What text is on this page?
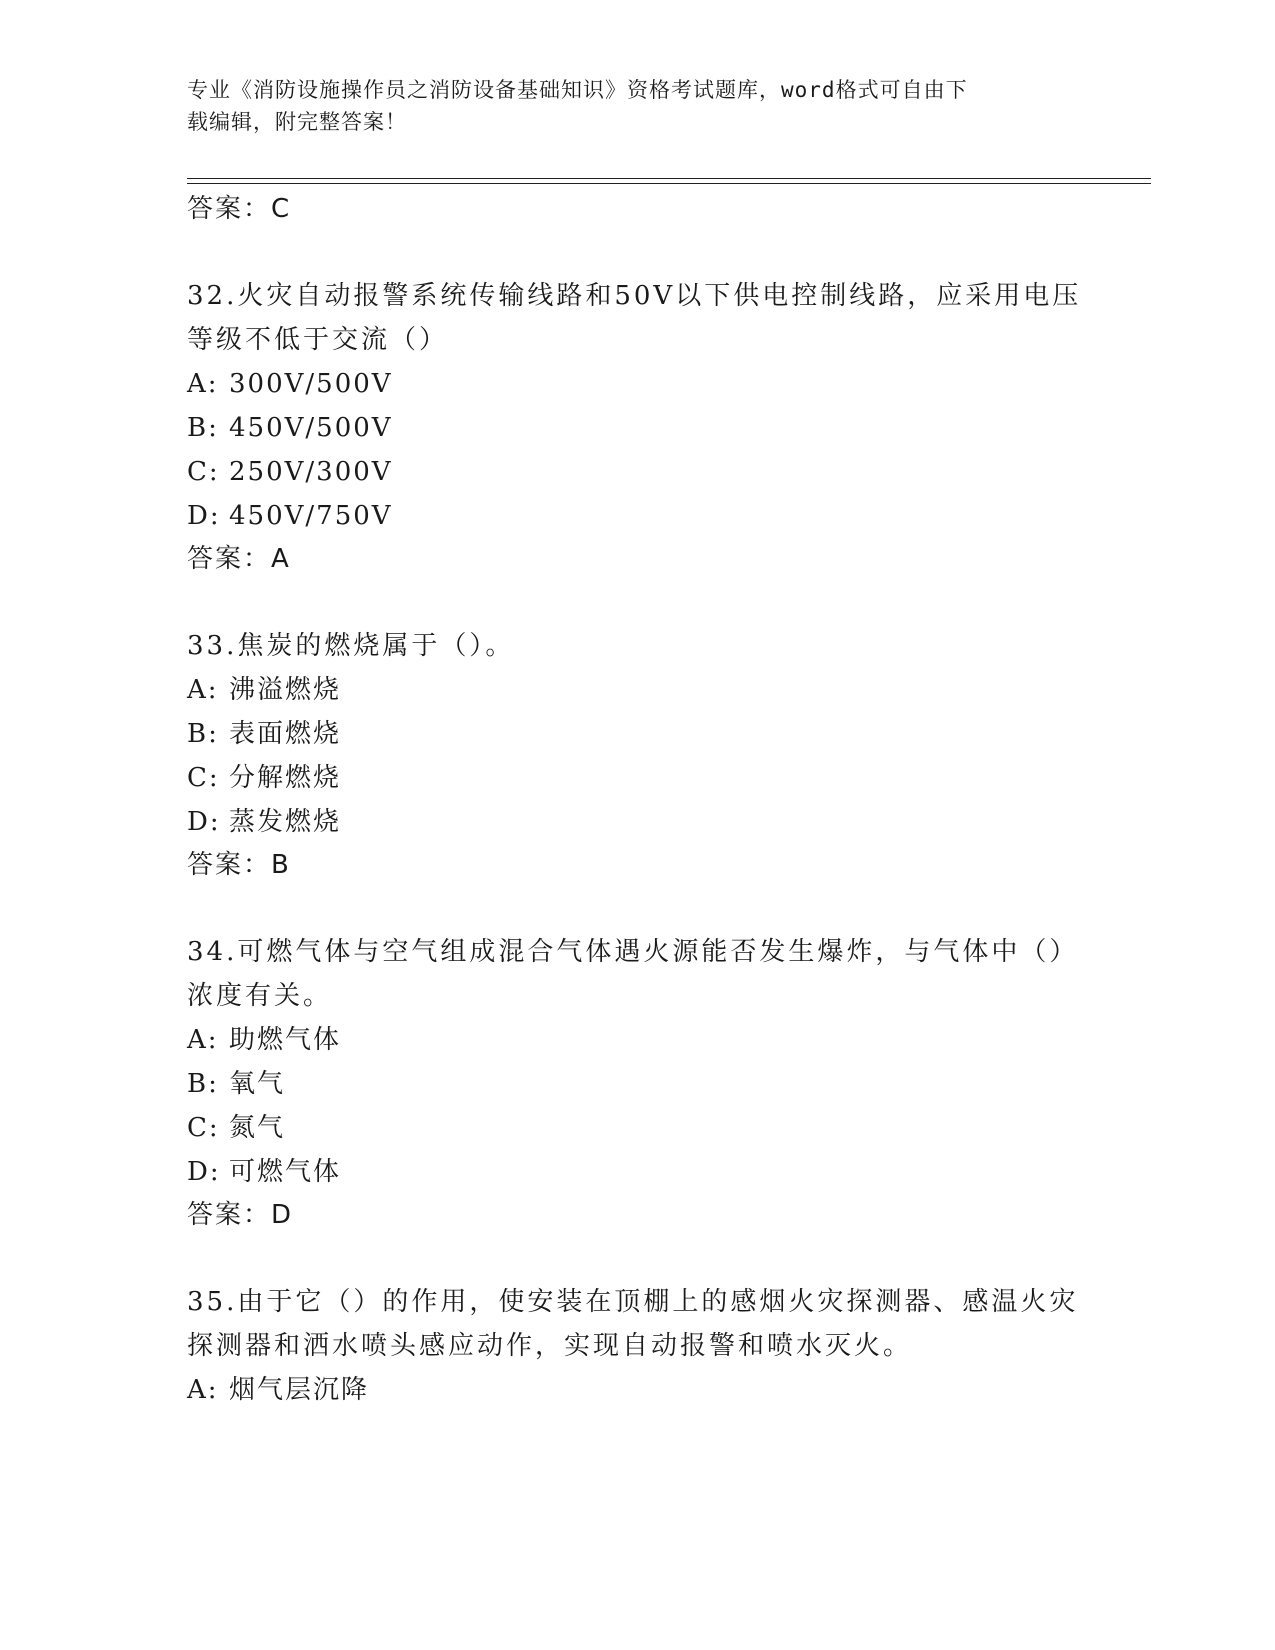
专业《消防设施操作员之消防设备基础知识》资格考试题库，word格式可自由下
载编辑，附完整答案！
答案：C
32.火灾自动报警系统传输线路和50V以下供电控制线路，应采用电压
等级不低于交流（）
A: 300V/500V
B: 450V/500V
C: 250V/300V
D: 450V/750V
答案：A
33.焦炭的燃烧属于（）。
A: 沸溢燃烧
B: 表面燃烧
C: 分解燃烧
D: 蒸发燃烧
答案：B
34.可燃气体与空气组成混合气体遇火源能否发生爆炸，与气体中（）
浓度有关。
A: 助燃气体
B: 氧气
C: 氮气
D: 可燃气体
答案：D
35.由于它（）的作用，使安装在顶棚上的感烟火灾探测器、感温火灾
探测器和洒水喷头感应动作，实现自动报警和喷水灭火。
A: 烟气层沉降
